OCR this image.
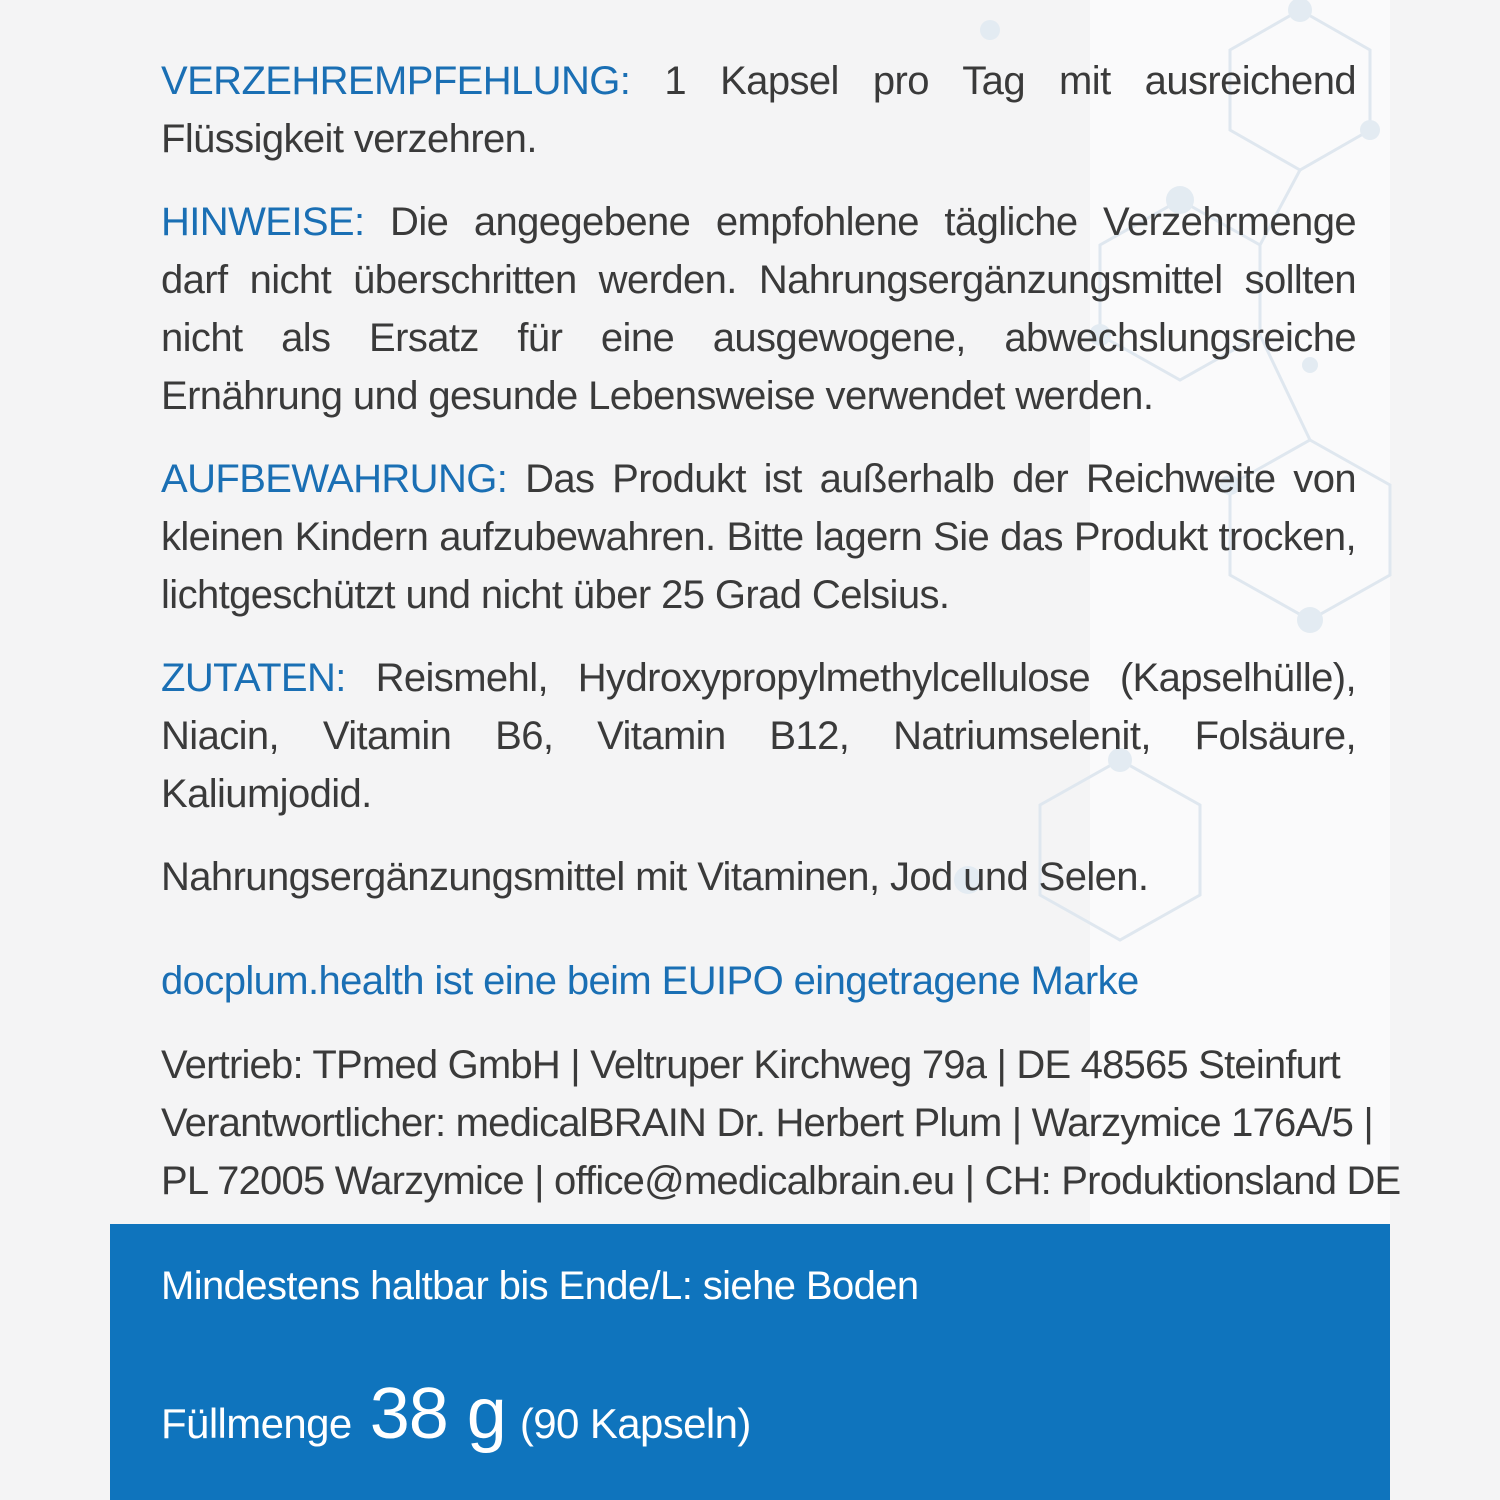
VERZEHREMPFEHLUNG: 1 Kapsel pro Tag mit ausreichend Flüssigkeit verzehren.

HINWEISE: Die angegebene empfohlene tägliche Verzehrmenge darf nicht überschritten werden. Nahrungsergänzungsmittel sollten nicht als Ersatz für eine ausgewogene, abwechslungsreiche Ernährung und gesunde Lebensweise verwendet werden.

AUFBEWAHRUNG: Das Produkt ist außerhalb der Reichweite von kleinen Kindern aufzubewahren. Bitte lagern Sie das Produkt trocken, lichtgeschützt und nicht über 25 Grad Celsius.

ZUTATEN: Reismehl, Hydroxypropylmethylcellulose (Kapselhülle), Niacin, Vitamin B6, Vitamin B12, Natriumselenit, Folsäure, Kaliumjodid.

Nahrungsergänzungsmittel mit Vitaminen, Jod und Selen.

docplum.health ist eine beim EUIPO eingetragene Marke
Vertrieb: TPmed GmbH | Veltruper Kirchweg 79a | DE 48565 Steinfurt
Verantwortlicher: medicalBRAIN Dr. Herbert Plum | Warzymice 176A/5 |
PL 72005 Warzymice | office@medicalbrain.eu | CH: Produktionsland DE
Mindestens haltbar bis Ende/L: siehe Boden
Füllmenge 38 g (90 Kapseln)
